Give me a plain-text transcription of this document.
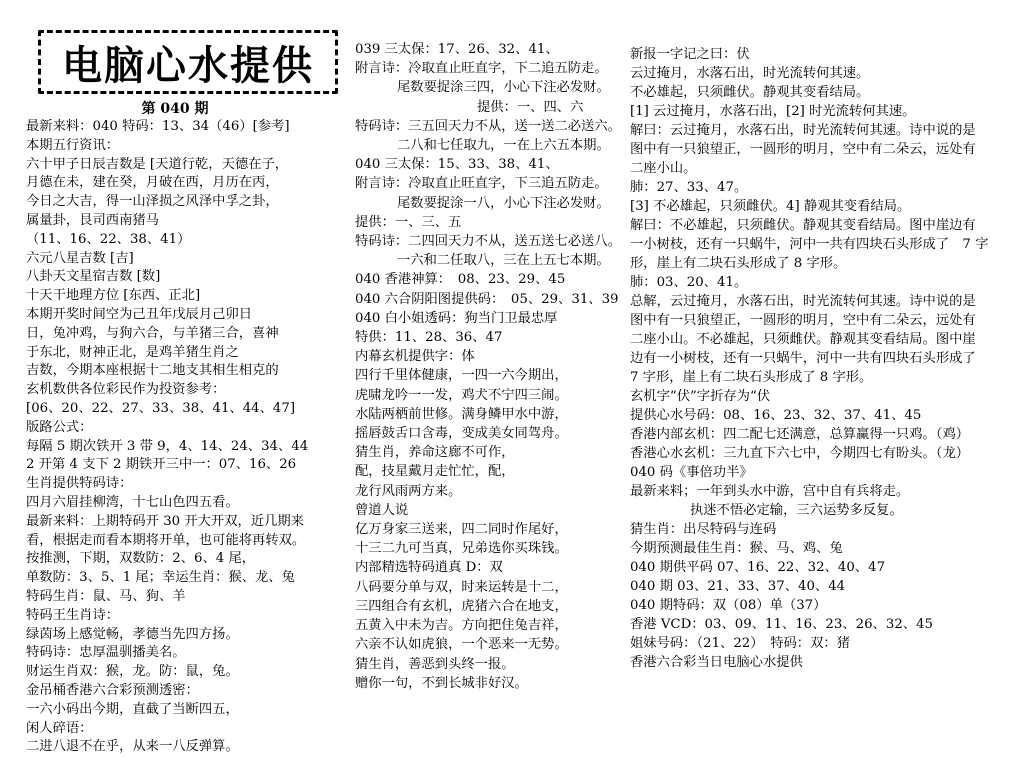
电脑心水提供
第 040 期
最新来料：040 特码：13、34（46）[参考]
本期五行资讯：
六十甲子日辰吉数是 [天道行乾，天德在子，
月德在未，建在癸，月破在西，月历在丙，
今日之大吉，得一山泽损之风泽中孚之卦，
属量卦，艮司西南猪马
（11、16、22、38、41）
六元八星吉数 [吉]
八卦天文星宿吉数 [数]
十天干地理方位 [东西、正北]
本期开奖时间空为己丑年戊辰月己卯日
日，兔冲鸡，与狗六合，与羊猪三合，喜神
于东北，财神正北，是鸡羊猪生肖之
吉数，今期本座根据十二地支其相生相克的
玄机数供各位彩民作为投资参考：
[06、20、22、27、33、38、41、44、47]
版路公式：
每隔 5 期次铁开 3 带 9，4、14、24、34、44
2 开第 4 支下 2 期铁开三中一：07、16、26
生肖提供特码诗：
四月六眉挂柳湾，十七山色四五看。
最新来料：上期特码开 30 开大开双，近几期来
看，根据走而看本期将开单，也可能将再转双。
按推测，下期，双数防：2、6、4 尾，
单数防：3、5、1 尾；幸运生肖：猴、龙、兔
特码生肖：鼠、马、狗、羊
特码王生肖诗：
绿茵场上感觉畅，孝德当先四方扬。
特码诗：忠厚温驯播美名。
财运生肖双：猴，龙。防：鼠，兔。
金吊桶香港六合彩预测透密：
一六小码出今期，直截了当断四五，
闲人碎语：
二进八退不在乎，从来一八反弹算。
039 三太保：17、26、32、41、
附言诗：冷取直止旺直字，下二追五防走。
尾数要捉涂三四，小心下注必发财。
提供：一、四、六
特码诗：三五回天力不从，送一送二必送六。
二八和七任取九，一在上六五本期。
040 三太保：15、33、38、41、
附言诗：冷取直止旺直字，下三追五防走。
尾数要捉涂一八，小心下注必发财。
提供：一、三、五
特码诗：二四回天力不从，送五送七必送八。
一六和二任取八，三在上五七本期。
040 香港神算：　08、23、29、45
040 六合阴阳图提供码：　05、29、31、39
040 白小姐透码：狗当门卫最忠厚
特供：11、28、36、47
内幕玄机提供字：体
四行千里体健康，一四一六今期出，
虎啸龙吟一一发，鸡犬不宁四三闹。
水陆两栖前世修。满身鳞甲水中游，
摇唇鼓舌口含毒，变成美女同驾舟。
猜生肖，养命这廊不可作，
配，技星戴月走忙忙，配，
龙行风雨两方来。
曾道人说
亿万身家三送来，四二同时作尾好，
十三二九可当真，兄弟选你买珠钱。
内部精选特码逍真 D：双
八码要分单与双，时来运转是十二，
三四组合有玄机，虎猪六合在地支，
五黄入中未为吉。方向把住兔吉祥，
六亲不认如虎狼，一个恶来一无势。
猜生肖，善恶到头终一报。
赠你一句，不到长城非好汉。
新报一字记之曰：伏
云过掩月，水落石出，时光流转何其速。
不必雄起，只须雌伏。静观其变看结局。
[1] 云过掩月，水落石出，[2] 时光流转何其速。
解曰：云过掩月，水落石出，时光流转何其速。诗中说的是
图中有一只狼望正，一圆形的明月，空中有二朵云，远处有
二座小山。
肺：27、33、47。
[3] 不必雄起，只须雌伏。4] 静观其变看结局。
解曰：不必雄起，只须雌伏。静观其变看结局。图中崖边有
一小树枝，还有一只蜗牛，河中一共有四块石头形成了　7 字
形，崖上有二块石头形成了 8 字形。
肺：03、20、41。
总解，云过掩月，水落石出，时光流转何其速。诗中说的是
图中有一只狼望正，一圆形的明月，空中有二朵云，远处有
二座小山。不必雄起，只须雌伏。静观其变看结局。图中崖
边有一小树枝，还有一只蜗牛，河中一共有四块石头形成了
7 字形，崖上有二块石头形成了 8 字形。
玄机字“伏”字折存为“伏
提供心水号码：08、16、23、32、37、41、45
香港内部玄机：四二配七还满意，总算赢得一只鸡。（鸡）
香港心水玄机：三九直下六七中，今期四七有盼头。（龙）
040 码《事倍功半》
最新来料；一年到头水中游，宫中自有兵将走。
执迷不悟必定输，三六运势多反复。
猜生肖：出尽特码与连码
今期预测最佳生肖：猴、马、鸡、兔
040 期供平码 07、16、22、32、40、47
040 期 03、21、33、37、40、44
040 期特码：双（08）单（37）
香港 VCD：03、09、11、16、23、26、32、45
姐妹号码：（21、22）　特码：双：猪
香港六合彩当日电脑心水提供
